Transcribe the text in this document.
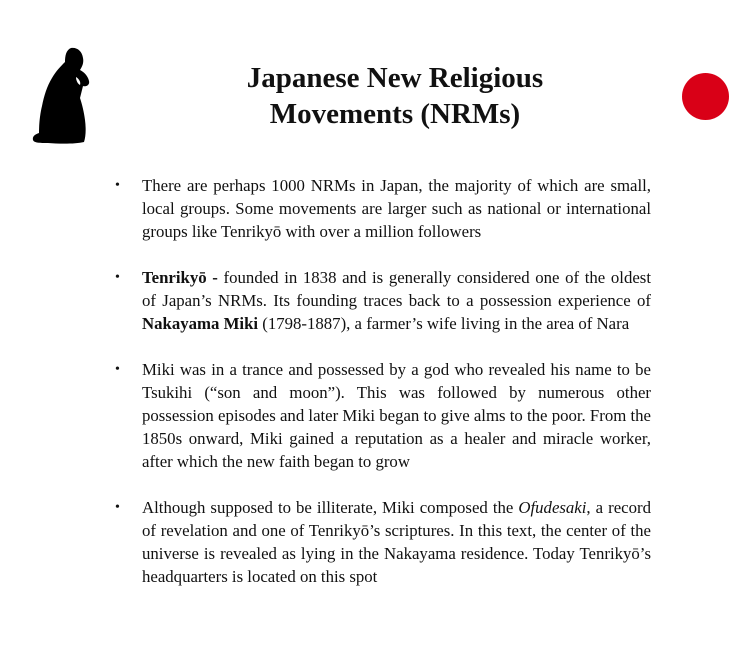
Japanese New Religious
Movements (NRMs)
• There are perhaps 1000 NRMs in Japan, the majority of which are small, local groups. Some movements are larger such as national or international groups like Tenrikyō with over a million followers
• Tenrikyō - founded in 1838 and is generally considered one of the oldest of Japan’s NRMs. Its founding traces back to a possession experience of Nakayama Miki (1798-1887), a farmer’s wife living in the area of Nara
• Miki was in a trance and possessed by a god who revealed his name to be Tsukihi (“son and moon”). This was followed by numerous other possession episodes and later Miki began to give alms to the poor. From the 1850s onward, Miki gained a reputation as a healer and miracle worker, after which the new faith began to grow
• Although supposed to be illiterate, Miki composed the Ofudesaki, a record of revelation and one of Tenrikyō’s scriptures. In this text, the center of the universe is revealed as lying in the Nakayama residence. Today Tenrikyō’s headquarters is located on this spot
